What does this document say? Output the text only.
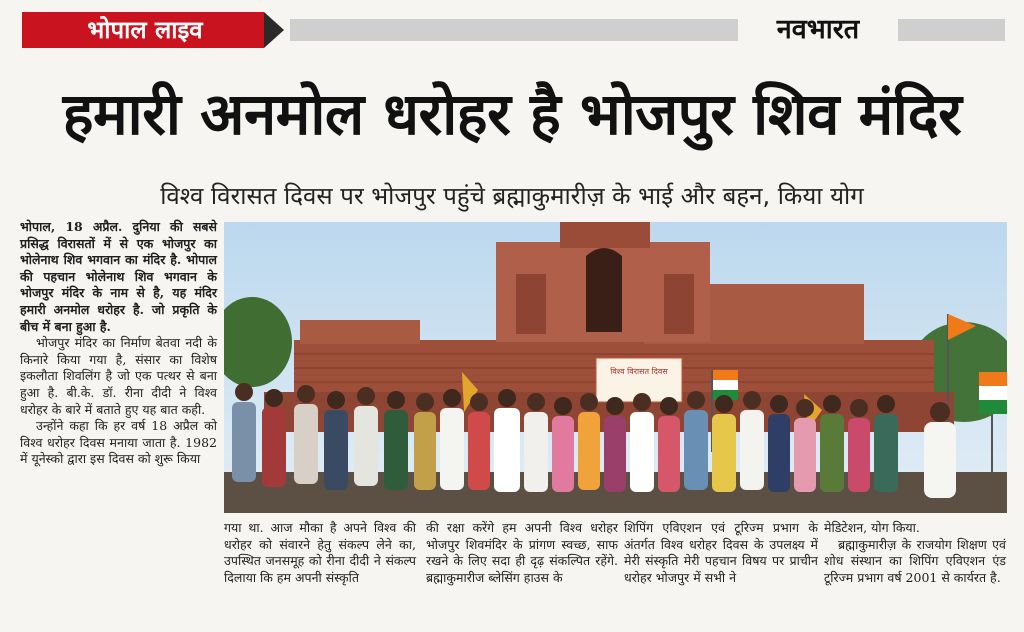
भोपाल लाइव	नवभारत
हमारी अनमोल धरोहर है भोजपुर शिव मंदिर
विश्व विरासत दिवस पर भोजपुर पहुंचे ब्रह्माकुमारीज़ के भाई और बहन, किया योग

भोपाल, 18 अप्रैल. दुनिया की सबसे प्रसिद्ध विरासतों में से एक भोजपुर का भोलेनाथ शिव भगवान का मंदिर है. भोपाल की पहचान भोलेनाथ शिव भगवान के भोजपुर मंदिर के नाम से है, यह मंदिर हमारी अनमोल धरोहर है. जो प्रकृति के बीच में बना हुआ है.

भोजपुर मंदिर का निर्माण बेतवा नदी के किनारे किया गया है, संसार का विशेष इकलौता शिवलिंग है जो एक पत्थर से बना हुआ है. बी.के. डॉ. रीना दीदी ने विश्व धरोहर के बारे में बताते हुए यह बात कही.

उन्होंने कहा कि हर वर्ष 18 अप्रैल को विश्व धरोहर दिवस मनाया जाता है. 1982 में यूनेस्को द्वारा इस दिवस को शुरू किया

विश्व विरासत दिवस
गया था. आज मौका है अपने विश्व की धरोहर को संवारने हेतु संकल्प लेने का, उपस्थित जनसमूह को रीना दीदी ने संकल्प दिलाया कि हम अपनी संस्कृति
की रक्षा करेंगे हम अपनी विश्व धरोहर भोजपुर शिवमंदिर के प्रांगण स्वच्छ, साफ रखने के लिए सदा ही दृढ़ संकल्पित रहेंगे. ब्रह्माकुमारीज ब्लेसिंग हाउस के
शिपिंग एविएशन एवं टूरिज्म प्रभाग के अंतर्गत विश्व धरोहर दिवस के उपलक्ष्य में मेरी संस्कृति मेरी पहचान विषय पर प्राचीन धरोहर भोजपुर में सभी ने

मेडिटेशन, योग किया.

ब्रह्माकुमारीज़ के राजयोग शिक्षण एवं शोध संस्थान का शिपिंग एविएशन एंड टूरिज्म प्रभाग वर्ष 2001 से कार्यरत है.
